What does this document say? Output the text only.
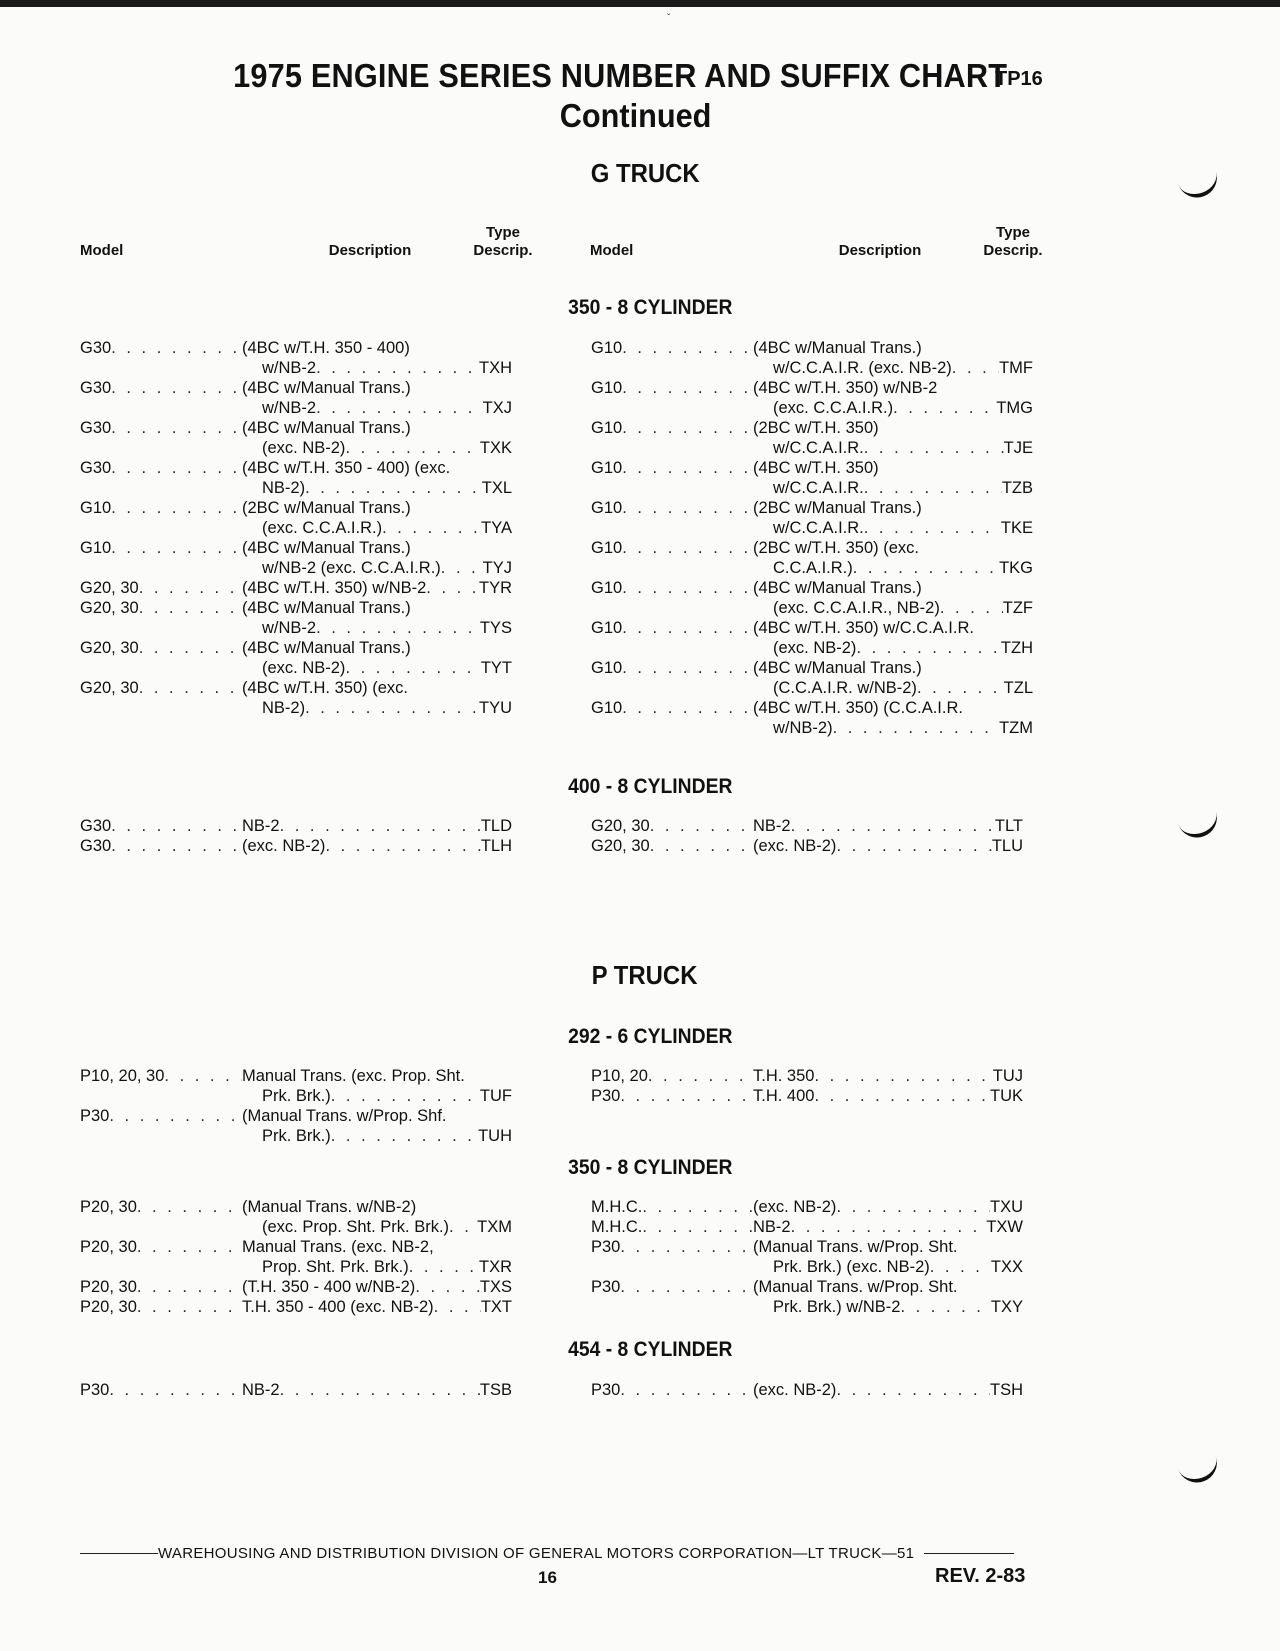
ˇ
1975 ENGINE SERIES NUMBER AND SUFFIX CHART
TP16
Continued
G TRUCK
Model	Description
Type
Descrip.	Model	Description
Type
Descrip.
350 - 8 CYLINDER
G30 . . .	(4BC w/T.H. 350 - 400)
w/NB-2 . . .	TXH
G30 . . .	(4BC w/Manual Trans.)
w/NB-2 . . .	TXJ
G30 . . .	(4BC w/Manual Trans.)
(exc. NB-2) . . .	TXK
G30 . . .	(4BC w/T.H. 350 - 400) (exc.
NB-2) . . .	TXL
G10 . . .	(2BC w/Manual Trans.)
(exc. C.C.A.I.R.) . . .	TYA
G10 . . .	(4BC w/Manual Trans.)
w/NB-2 (exc. C.C.A.I.R.) . . .	TYJ
G20, 30 . . .	(4BC w/T.H. 350) w/NB-2 . . .	TYR
G20, 30 . . .	(4BC w/Manual Trans.)
w/NB-2 . . .	TYS
G20, 30 . . .	(4BC w/Manual Trans.)
(exc. NB-2) . . .	TYT
G20, 30 . . .	(4BC w/T.H. 350) (exc.
NB-2) . . .	TYU
G10 . . .	(4BC w/Manual Trans.)
w/C.C.A.I.R. (exc. NB-2) . . .	TMF
G10 . . .	(4BC w/T.H. 350) w/NB-2
(exc. C.C.A.I.R.) . . .	TMG
G10 . . .	(2BC w/T.H. 350)
w/C.C.A.I.R. . . .	TJE
G10 . . .	(4BC w/T.H. 350)
w/C.C.A.I.R. . . .	TZB
G10 . . .	(2BC w/Manual Trans.)
w/C.C.A.I.R. . . .	TKE
G10 . . .	(2BC w/T.H. 350) (exc.
C.C.A.I.R.) . . .	TKG
G10 . . .	(4BC w/Manual Trans.)
(exc. C.C.A.I.R., NB-2) . . .	TZF
G10 . . .	(4BC w/T.H. 350) w/C.C.A.I.R.
(exc. NB-2) . . .	TZH
G10 . . .	(4BC w/Manual Trans.)
(C.C.A.I.R. w/NB-2) . . .	TZL
G10 . . .	(4BC w/T.H. 350) (C.C.A.I.R.
w/NB-2) . . .	TZM
400 - 8 CYLINDER
G30 . . .	NB-2 . . .	TLD
G30 . . .	(exc. NB-2) . . .	TLH
G20, 30 . . .	NB-2 . . .	TLT
G20, 30 . . .	(exc. NB-2) . . .	TLU
P TRUCK
292 - 6 CYLINDER
P10, 20, 30 . . .	Manual Trans. (exc. Prop. Sht.
Prk. Brk.) . . .	TUF
P30 . . .	(Manual Trans. w/Prop. Shf.
Prk. Brk.) . . .	TUH
P10, 20 . . .	T.H. 350 . . .	TUJ
P30 . . .	T.H. 400 . . .	TUK
350 - 8 CYLINDER
P20, 30 . . .	(Manual Trans. w/NB-2)
(exc. Prop. Sht. Prk. Brk.) . . . TXM
P20, 30 . . .	Manual Trans. (exc. NB-2,
Prop. Sht. Prk. Brk.) . . .	TXR
P20, 30 . . .	(T.H. 350 - 400 w/NB-2) . . .	TXS
P20, 30 . . .	T.H. 350 - 400 (exc. NB-2) . . .	TXT
M.H.C. . . .	(exc. NB-2) . . .	TXU
M.H.C. . . .	NB-2 . . .	TXW
P30 . . .	(Manual Trans. w/Prop. Sht.
Prk. Brk.) (exc. NB-2) . . .	TXX
P30 . . .	(Manual Trans. w/Prop. Sht.
Prk. Brk.) w/NB-2 . . .	TXY
454 - 8 CYLINDER
P30 . . .	NB-2 . . .	TSB	P30 . . .	(exc. NB-2) . . .	TSH
WAREHOUSING AND DISTRIBUTION DIVISION OF GENERAL MOTORS CORPORATION—LT TRUCK—51
16	REV. 2-83
